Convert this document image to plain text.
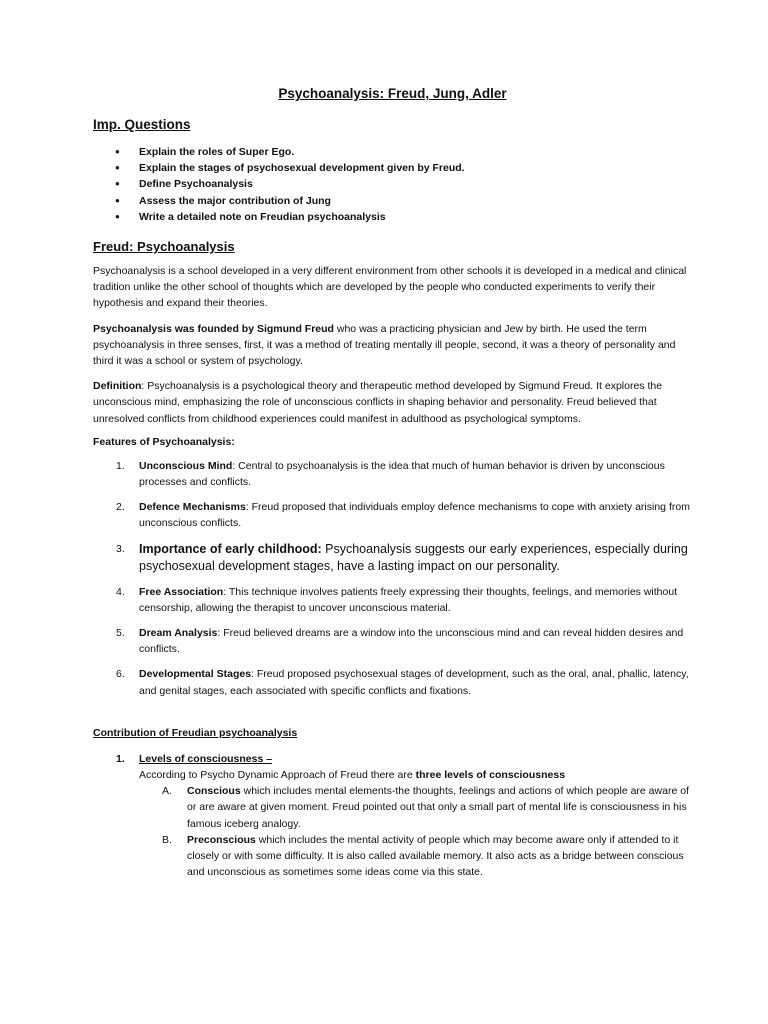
Psychoanalysis: Freud, Jung, Adler
Imp. Questions
● Explain the roles of Super Ego.
● Explain the stages of psychosexual development given by Freud.
● Define Psychoanalysis
● Assess the major contribution of Jung
● Write a detailed note on Freudian psychoanalysis
Freud: Psychoanalysis

Psychoanalysis is a school developed in a very different environment from other schools it is developed in a medical and clinical tradition unlike the other school of thoughts which are developed by the people who conducted experiments to verify their hypothesis and expand their theories.

Psychoanalysis was founded by Sigmund Freud who was a practicing physician and Jew by birth. He used the term psychoanalysis in three senses, first, it was a method of treating mentally ill people, second, it was a theory of personality and third it was a school or system of psychology.

Definition: Psychoanalysis is a psychological theory and therapeutic method developed by Sigmund Freud. It explores the unconscious mind, emphasizing the role of unconscious conflicts in shaping behavior and personality. Freud believed that unresolved conflicts from childhood experiences could manifest in adulthood as psychological symptoms.

Features of Psychoanalysis:
1. Unconscious Mind: Central to psychoanalysis is the idea that much of human behavior is driven by unconscious processes and conflicts.
2. Defence Mechanisms: Freud proposed that individuals employ defence mechanisms to cope with anxiety arising from unconscious conflicts.
3. Importance of early childhood: Psychoanalysis suggests our early experiences, especially during psychosexual development stages, have a lasting impact on our personality.
4. Free Association: This technique involves patients freely expressing their thoughts, feelings, and memories without censorship, allowing the therapist to uncover unconscious material.
5. Dream Analysis: Freud believed dreams are a window into the unconscious mind and can reveal hidden desires and conflicts.
6. Developmental Stages: Freud proposed psychosexual stages of development, such as the oral, anal, phallic, latency, and genital stages, each associated with specific conflicts and fixations.
Contribution of Freudian psychoanalysis
1. Levels of consciousness –
According to Psycho Dynamic Approach of Freud there are three levels of consciousness
A. Conscious which includes mental elements-the thoughts, feelings and actions of which people are aware of or are aware at given moment. Freud pointed out that only a small part of mental life is consciousness in his famous iceberg analogy.
B. Preconscious which includes the mental activity of people which may become aware only if attended to it closely or with some difficulty. It is also called available memory. It also acts as a bridge between conscious and unconscious as sometimes some ideas come via this state.
